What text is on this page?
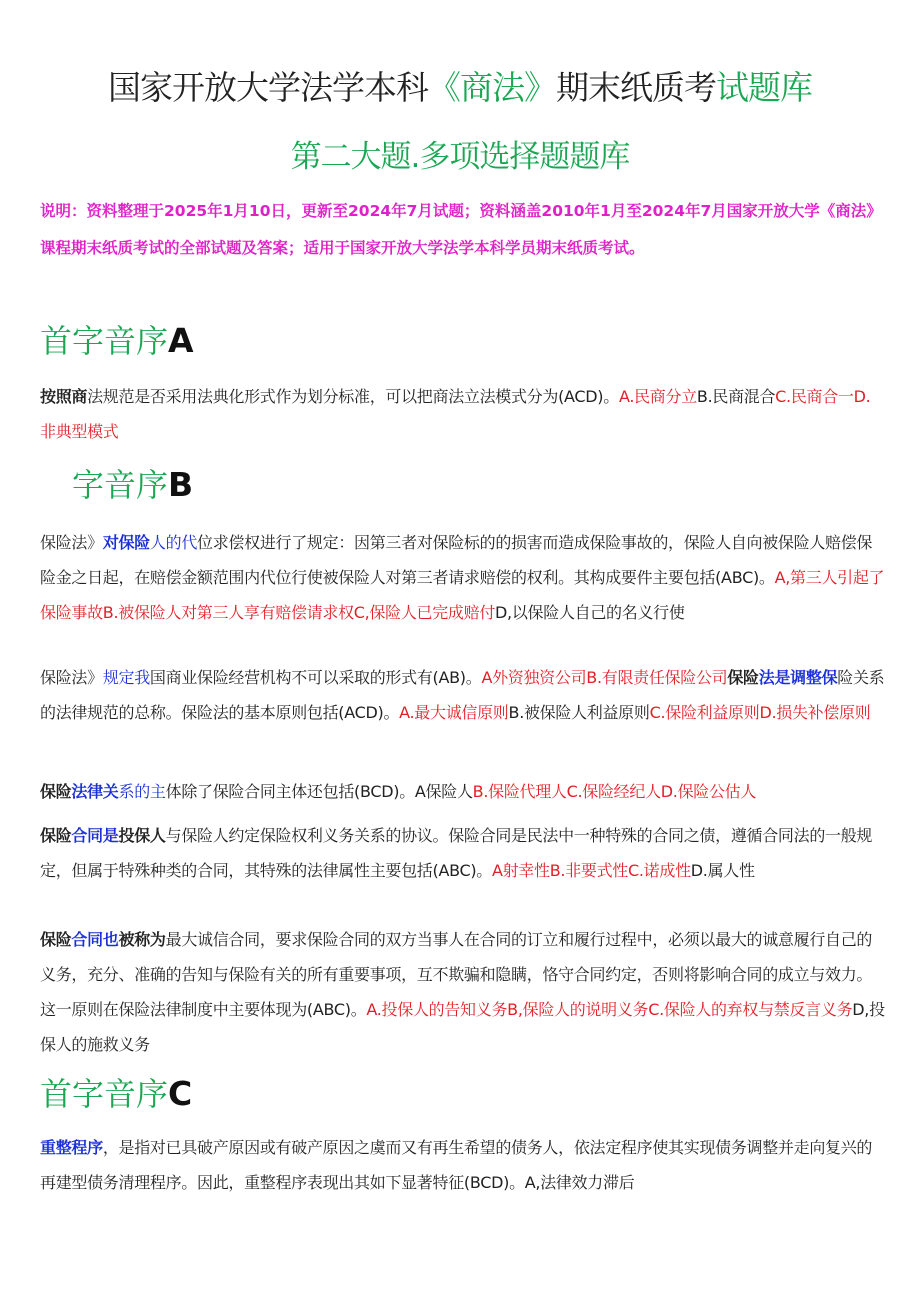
国家开放大学法学本科《商法》期末纸质考试题库
第二大题.多项选择题题库
说明：资料整理于2025年1月10日，更新至2024年7月试题；资料涵盖2010年1月至2024年7月国家开放大学《商法》课程期末纸质考试的全部试题及答案；适用于国家开放大学法学本科学员期末纸质考试。
首字音序A
按照商法规范是否采用法典化形式作为划分标准，可以把商法立法模式分为(ACD)。A.民商分立B.民商混合C.民商合一D.非典型模式
字音序B
保险法》对保险人的代位求偿权进行了规定：因第三者对保险标的的损害而造成保险事故的，保险人自向被保险人赔偿保险金之日起，在赔偿金额范围内代位行使被保险人对第三者请求赔偿的权利。其构成要件主要包括(ABC)。A,第三人引起了保险事故B.被保险人对第三人享有赔偿请求权C,保险人已完成赔付D,以保险人自己的名义行使
保险法》规定我国商业保险经营机构不可以采取的形式有(AB)。A外资独资公司B.有限责任保险公司保险法是调整保险关系的法律规范的总称。保险法的基本原则包括(ACD)。A.最大诚信原则B.被保险人利益原则C.保险利益原则D.损失补偿原则
保险法律关系的主体除了保险合同主体还包括(BCD)。A保险人B.保险代理人C.保险经纪人D.保险公估人
保险合同是投保人与保险人约定保险权利义务关系的协议。保险合同是民法中一种特殊的合同之债，遵循合同法的一般规定，但属于特殊种类的合同，其特殊的法律属性主要包括(ABC)。A射幸性B.非要式性C.诺成性D.属人性
保险合同也被称为最大诚信合同，要求保险合同的双方当事人在合同的订立和履行过程中，必须以最大的诚意履行自己的义务，充分、准确的告知与保险有关的所有重要事项，互不欺骗和隐瞒，恪守合同约定，否则将影响合同的成立与效力。这一原则在保险法律制度中主要体现为(ABC)。A.投保人的告知义务B,保险人的说明义务C.保险人的弃权与禁反言义务D,投保人的施救义务
首字音序C
重整程序，是指对已具破产原因或有破产原因之虞而又有再生希望的债务人，依法定程序使其实现债务调整并走向复兴的再建型债务清理程序。因此，重整程序表现出其如下显著特征(BCD)。A,法律效力滞后
